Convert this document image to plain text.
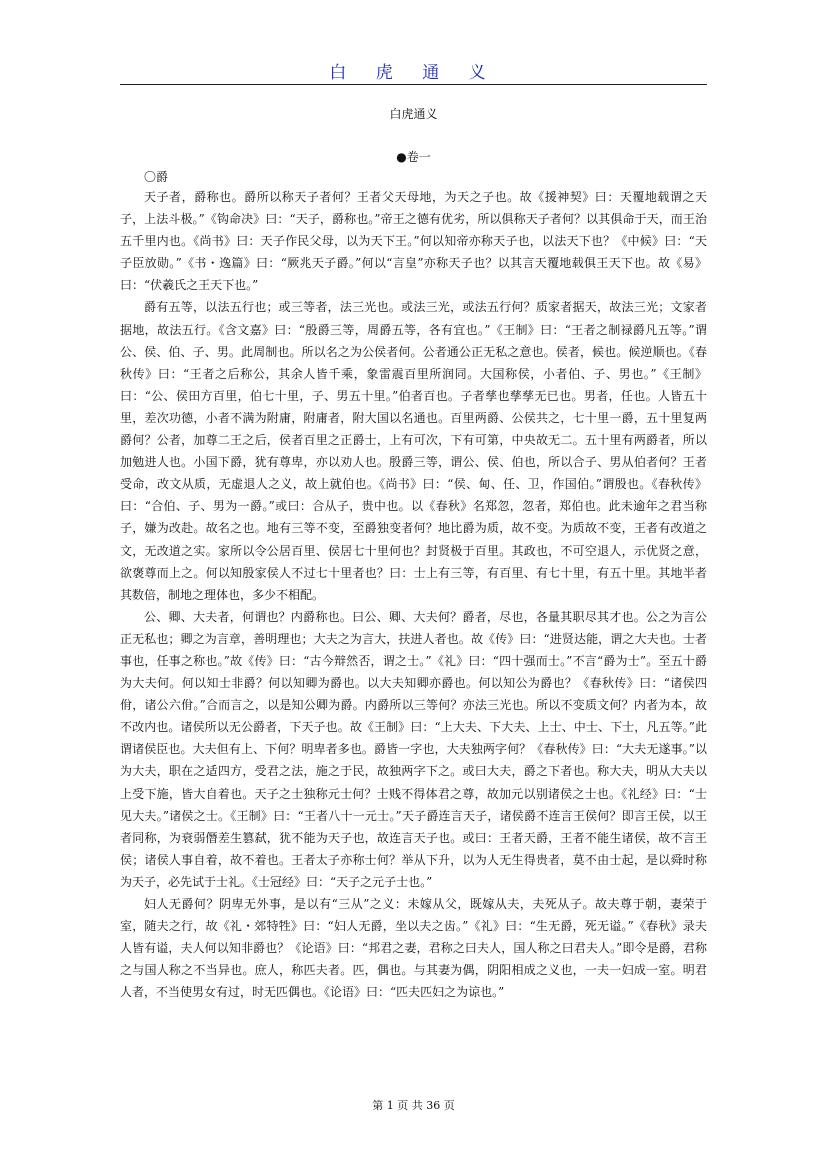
白 虎 通 义
白虎通义
●卷一
〇爵

天子者，爵称也。爵所以称天子者何？王者父天母地，为天之子也。故《援神契》曰：天覆地载谓之天子，上法斗极。”《钩命决》曰：“天子，爵称也。”帝王之德有优劣，所以俱称天子者何？以其俱命于天，而王治五千里内也。《尚书》曰：天子作民父母，以为天下王。”何以知帝亦称天子也，以法天下也？《中候》曰：“天子臣放勋。”《书・逸篇》曰：“厥兆天子爵。”何以“言皇”亦称天子也？以其言天覆地载俱王天下也。故《易》曰：“伏羲氏之王天下也。”

爵有五等，以法五行也；或三等者，法三光也。或法三光，或法五行何？质家者据天，故法三光；文家者据地，故法五行。《含文嘉》曰：“殷爵三等，周爵五等，各有宜也。”《王制》曰：“王者之制禄爵凡五等。”谓公、侯、伯、子、男。此周制也。所以名之为公侯者何。公者通公正无私之意也。侯者，候也。候逆顺也。《春秋传》曰：“王者之后称公，其余人皆千乘，象雷震百里所润同。大国称侯，小者伯、子、男也。”《王制》曰：“公、侯田方百里，伯七十里，子、男五十里。”伯者百也。子者孳也孳孳无已也。男者，任也。人皆五十里，差次功德，小者不满为附庸，附庸者，附大国以名通也。百里两爵、公侯共之，七十里一爵，五十里复两爵何？公者，加尊二王之后，侯者百里之正爵士，上有可次，下有可第，中央故无二。五十里有两爵者，所以加勉进人也。小国下爵，犹有尊卑，亦以劝人也。殷爵三等，谓公、侯、伯也，所以合子、男从伯者何？王者受命，改文从质，无虚退人之义，故上就伯也。《尚书》曰：“侯、甸、任、卫，作国伯。”谓殷也。《春秋传》曰：“合伯、子、男为一爵。”或曰：合从子，贵中也。以《春秋》名郑忽，忽者，郑伯也。此未逾年之君当称子，嫌为改赴。故名之也。地有三等不变，至爵独变者何？地比爵为质，故不变。为质故不变，王者有改道之文，无改道之实。家所以令公居百里、侯居七十里何也？封贤极于百里。其政也，不可空退人，示优贤之意，欲褒尊而上之。何以知殷家侯人不过七十里者也？曰：士上有三等，有百里、有七十里，有五十里。其地半者其数倍，制地之理体也，多少不相配。

公、卿、大夫者，何谓也？内爵称也。曰公、卿、大夫何？爵者，尽也，各量其职尽其才也。公之为言公正无私也；卿之为言章，善明理也；大夫之为言大，扶进人者也。故《传》曰：“进贤达能，谓之大夫也。士者事也，任事之称也。”故《传》曰：“古今辩然否，谓之士。”《礼》曰：“四十强而士。”不言“爵为士”。至五十爵为大夫何。何以知士非爵？何以知卿为爵也。以大夫知卿亦爵也。何以知公为爵也？《春秋传》曰：“诸侯四佾，诸公六佾。”合而言之，以是知公卿为爵。内爵所以三等何？亦法三光也。所以不变质文何？内者为本，故不改内也。诸侯所以无公爵者，下天子也。故《王制》曰：“上大夫、下大夫、上士、中士、下士，凡五等。”此谓诸侯臣也。大夫但有上、下何？明卑者多也。爵皆一字也，大夫独两字何？《春秋传》曰：“大夫无遂事。”以为大夫，职在之适四方，受君之法，施之于民，故独两字下之。或曰大夫，爵之下者也。称大夫，明从大夫以上受下施，皆大自着也。天子之士独称元士何？士贱不得体君之尊，故加元以别诸侯之士也。《礼经》曰：“士见大夫。”诸侯之士。《王制》曰：“王者八十一元士。”天子爵连言天子，诸侯爵不连言王侯何？即言王侯，以王者同称，为衰弱僭差生篡弑，犹不能为天子也，故连言天子也。或曰：王者天爵，王者不能生诸侯，故不言王侯；诸侯人事自着，故不着也。王者太子亦称士何？举从下升，以为人无生得贵者，莫不由士起，是以舜时称为天子，必先试于士礼。《士冠经》曰：“天子之元子士也。”

妇人无爵何？阴卑无外事，是以有“三从”之义：未嫁从父，既嫁从夫，夫死从子。故夫尊于朝，妻荣于室，随夫之行，故《礼・郊特牲》曰：“妇人无爵，坐以夫之齿。”《礼》曰：“生无爵，死无谥。”《春秋》录夫人皆有谥，夫人何以知非爵也？《论语》曰：“邦君之妻，君称之曰夫人，国人称之曰君夫人。”即令是爵，君称之与国人称之不当异也。庶人，称匹夫者。匹，偶也。与其妻为偶，阴阳相成之义也，一夫一妇成一室。明君人者，不当使男女有过，时无匹偶也。《论语》曰：“匹夫匹妇之为谅也。”

第 1 页 共 36 页
